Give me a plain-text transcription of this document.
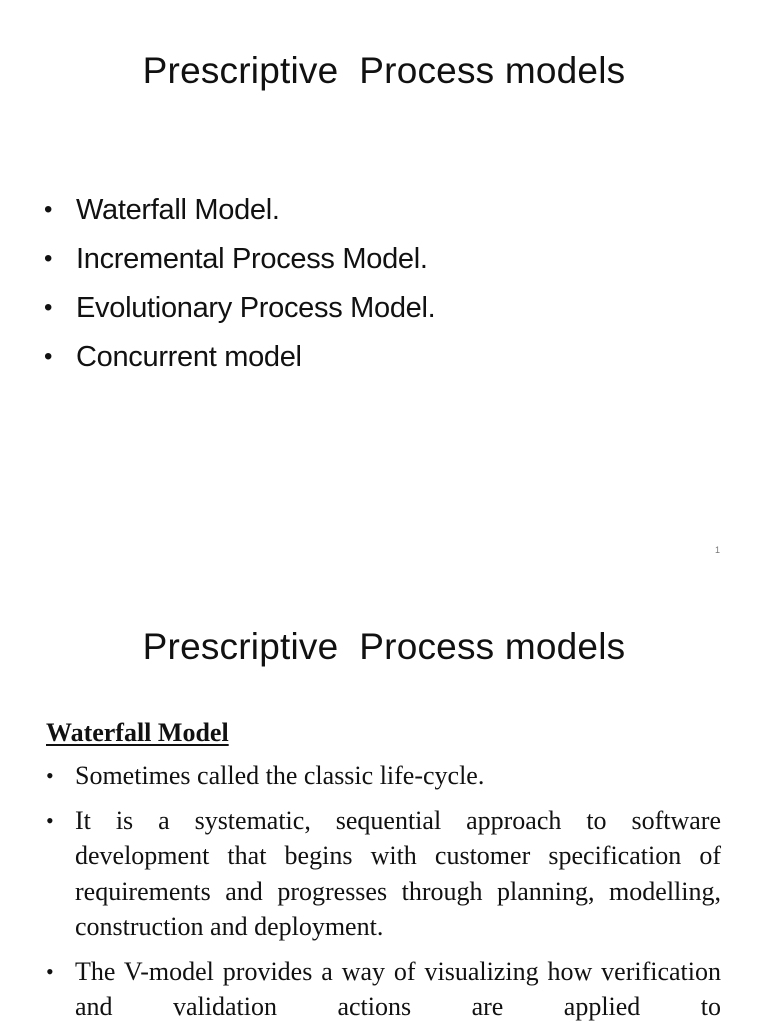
Prescriptive  Process models
• Waterfall Model.
• Incremental Process Model.
• Evolutionary Process Model.
• Concurrent model
1
Prescriptive  Process models
Waterfall Model
• Sometimes called the classic life-cycle.
• It is a systematic, sequential approach to software development that begins with customer specification of requirements and progresses through planning, modelling, construction and deployment.
• The V-model provides a way of visualizing how verification and validation actions are applied to
